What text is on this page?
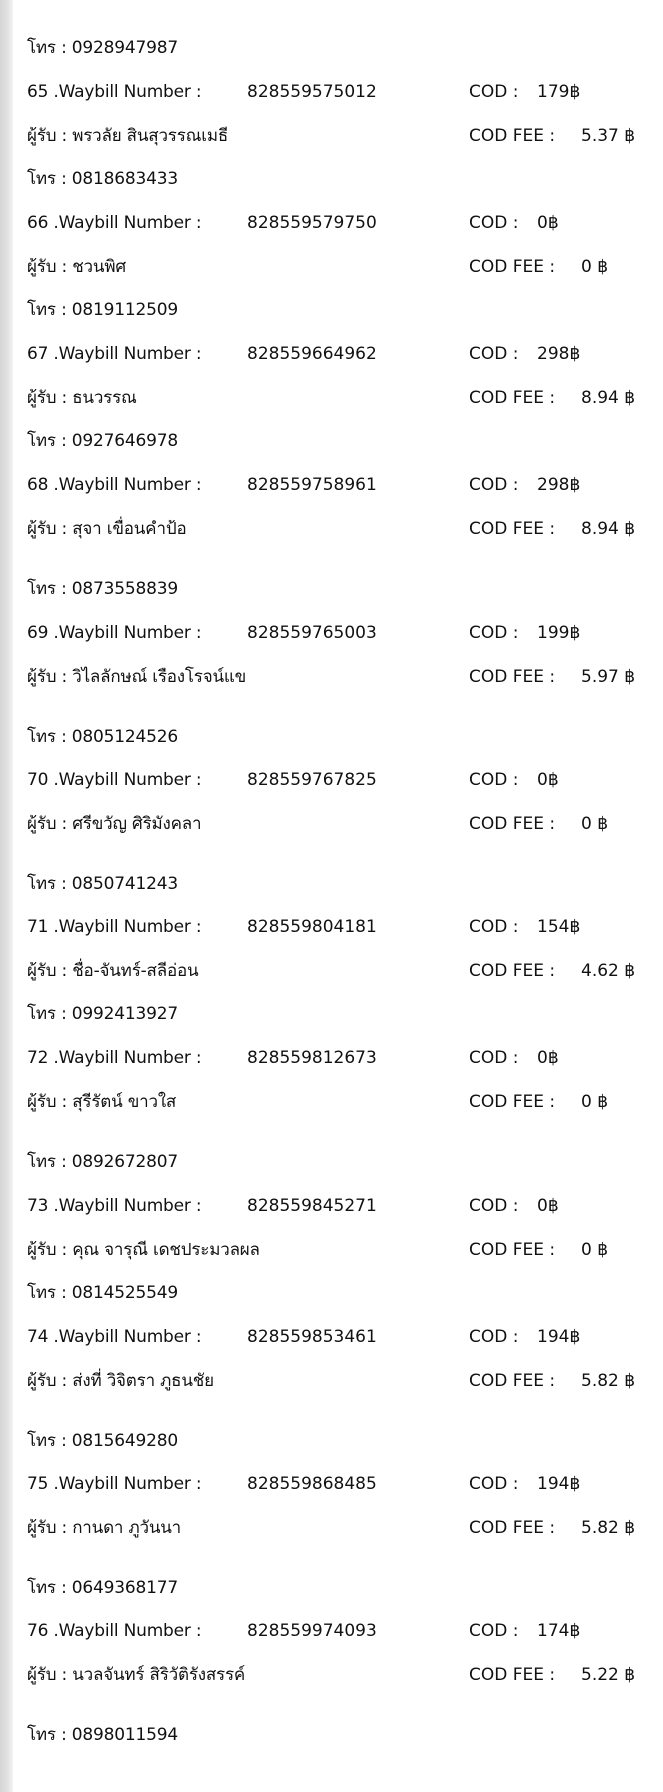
โทร : 0928947987
65 .Waybill Number :	828559575012	COD : 179฿
ผู้รับ : พรวลัย สินสุวรรณเมธี	COD FEE : 5.37 ฿
โทร : 0818683433
66 .Waybill Number :	828559579750	COD : 0฿
ผู้รับ : ชวนพิศ	COD FEE : 0 ฿
โทร : 0819112509
67 .Waybill Number :	828559664962	COD : 298฿
ผู้รับ : ธนวรรณ	COD FEE : 8.94 ฿
โทร : 0927646978
68 .Waybill Number :	828559758961	COD : 298฿
ผู้รับ : สุจา เขื่อนคำป้อ	COD FEE : 8.94 ฿
โทร : 0873558839
69 .Waybill Number :	828559765003	COD : 199฿
ผู้รับ : วิไลลักษณ์ เรืองโรจน์แข	COD FEE : 5.97 ฿
โทร : 0805124526
70 .Waybill Number :	828559767825	COD : 0฿
ผู้รับ : ศรีขวัญ ศิริมังคลา	COD FEE : 0 ฿
โทร : 0850741243
71 .Waybill Number :	828559804181	COD : 154฿
ผู้รับ : ชื่อ-จันทร์-สลีอ่อน	COD FEE : 4.62 ฿
โทร : 0992413927
72 .Waybill Number :	828559812673	COD : 0฿
ผู้รับ : สุรีรัตน์ ขาวใส	COD FEE : 0 ฿
โทร : 0892672807
73 .Waybill Number :	828559845271	COD : 0฿
ผู้รับ : คุณ จารุณี เดชประมวลผล	COD FEE : 0 ฿
โทร : 0814525549
74 .Waybill Number :	828559853461	COD : 194฿
ผู้รับ : ส่งที่ วิจิตรา ภูธนชัย	COD FEE : 5.82 ฿
โทร : 0815649280
75 .Waybill Number :	828559868485	COD : 194฿
ผู้รับ : กานดา ภูวันนา	COD FEE : 5.82 ฿
โทร : 0649368177
76 .Waybill Number :	828559974093	COD : 174฿
ผู้รับ : นวลจันทร์ สิริวัติรังสรรค์	COD FEE : 5.22 ฿
โทร : 0898011594
